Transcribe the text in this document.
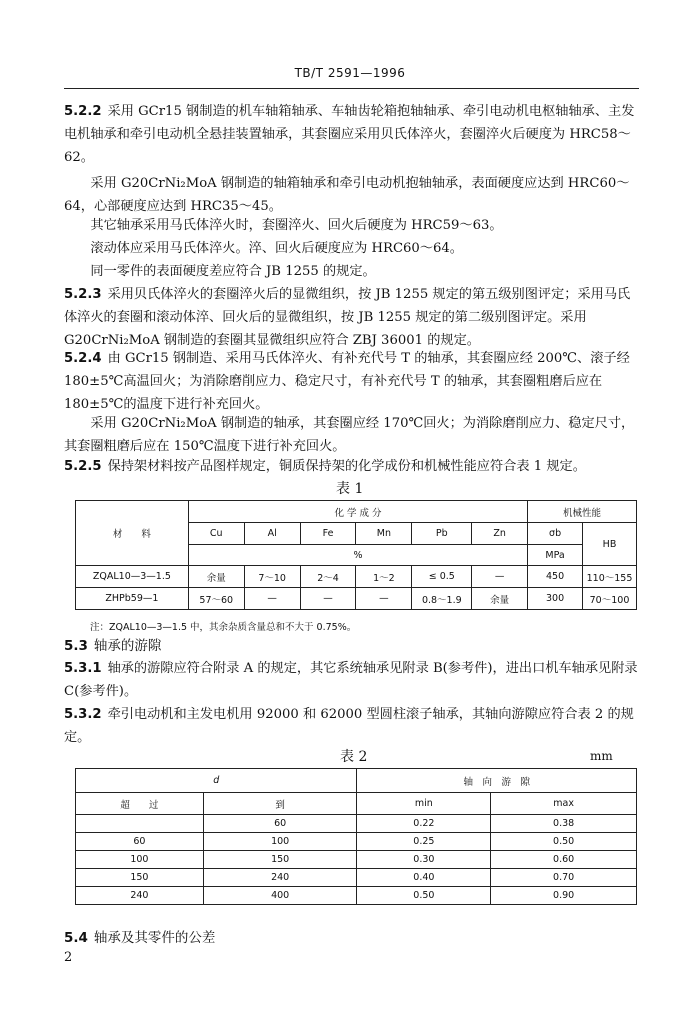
TB/T 2591—1996

5.2.2 采用 GCr15 钢制造的机车轴箱轴承、车轴齿轮箱抱轴轴承、牵引电动机电枢轴轴承、主发电机轴承和牵引电动机全悬挂装置轴承，其套圈应采用贝氏体淬火，套圈淬火后硬度为 HRC58～62。

采用 G20CrNi₂MoA 钢制造的轴箱轴承和牵引电动机抱轴轴承，表面硬度应达到 HRC60～64，心部硬度应达到 HRC35～45。

其它轴承采用马氏体淬火时，套圈淬火、回火后硬度为 HRC59～63。

滚动体应采用马氏体淬火。淬、回火后硬度应为 HRC60～64。

同一零件的表面硬度差应符合 JB 1255 的规定。

5.2.3 采用贝氏体淬火的套圈淬火后的显微组织，按 JB 1255 规定的第五级别图评定；采用马氏体淬火的套圈和滚动体淬、回火后的显微组织，按 JB 1255 规定的第二级别图评定。采用 G20CrNi₂MoA 钢制造的套圈其显微组织应符合 ZBJ 36001 的规定。

5.2.4 由 GCr15 钢制造、采用马氏体淬火、有补充代号 T 的轴承，其套圈应经 200℃、滚子经 180±5℃高温回火；为消除磨削应力、稳定尺寸，有补充代号 T 的轴承，其套圈粗磨后应在 180±5℃的温度下进行补充回火。

采用 G20CrNi₂MoA 钢制造的轴承，其套圈应经 170℃回火；为消除磨削应力、稳定尺寸，其套圈粗磨后应在 150℃温度下进行补充回火。

5.2.5 保持架材料按产品图样规定，铜质保持架的化学成份和机械性能应符合表 1 规定。

表 1
材　　料	化 学 成 分						机械性能	
	Cu	Al	Fe	Mn	Pb	Zn	σb	HB
	%						MPa	
ZQAL10—3—1.5	余量	7～10	2～4	1～2	≤ 0.5	—	450	110～155
ZHPb59—1	57～60	—	—	—	0.8～1.9	余量	300	70～100
注：ZQAL10—3—1.5 中，其余杂质含量总和不大于 0.75%。
5.3 轴承的游隙

5.3.1 轴承的游隙应符合附录 A 的规定，其它系统轴承见附录 B(参考件)，进出口机车轴承见附录 C(参考件)。

5.3.2 牵引电动机和主发电机用 92000 和 62000 型圆柱滚子轴承，其轴向游隙应符合表 2 的规定。

表 2	mm
d		轴　向　游　隙	
超　　过	到	min	max
	60	0.22	0.38
60	100	0.25	0.50
100	150	0.30	0.60
150	240	0.40	0.70
240	400	0.50	0.90
5.4 轴承及其零件的公差
2
